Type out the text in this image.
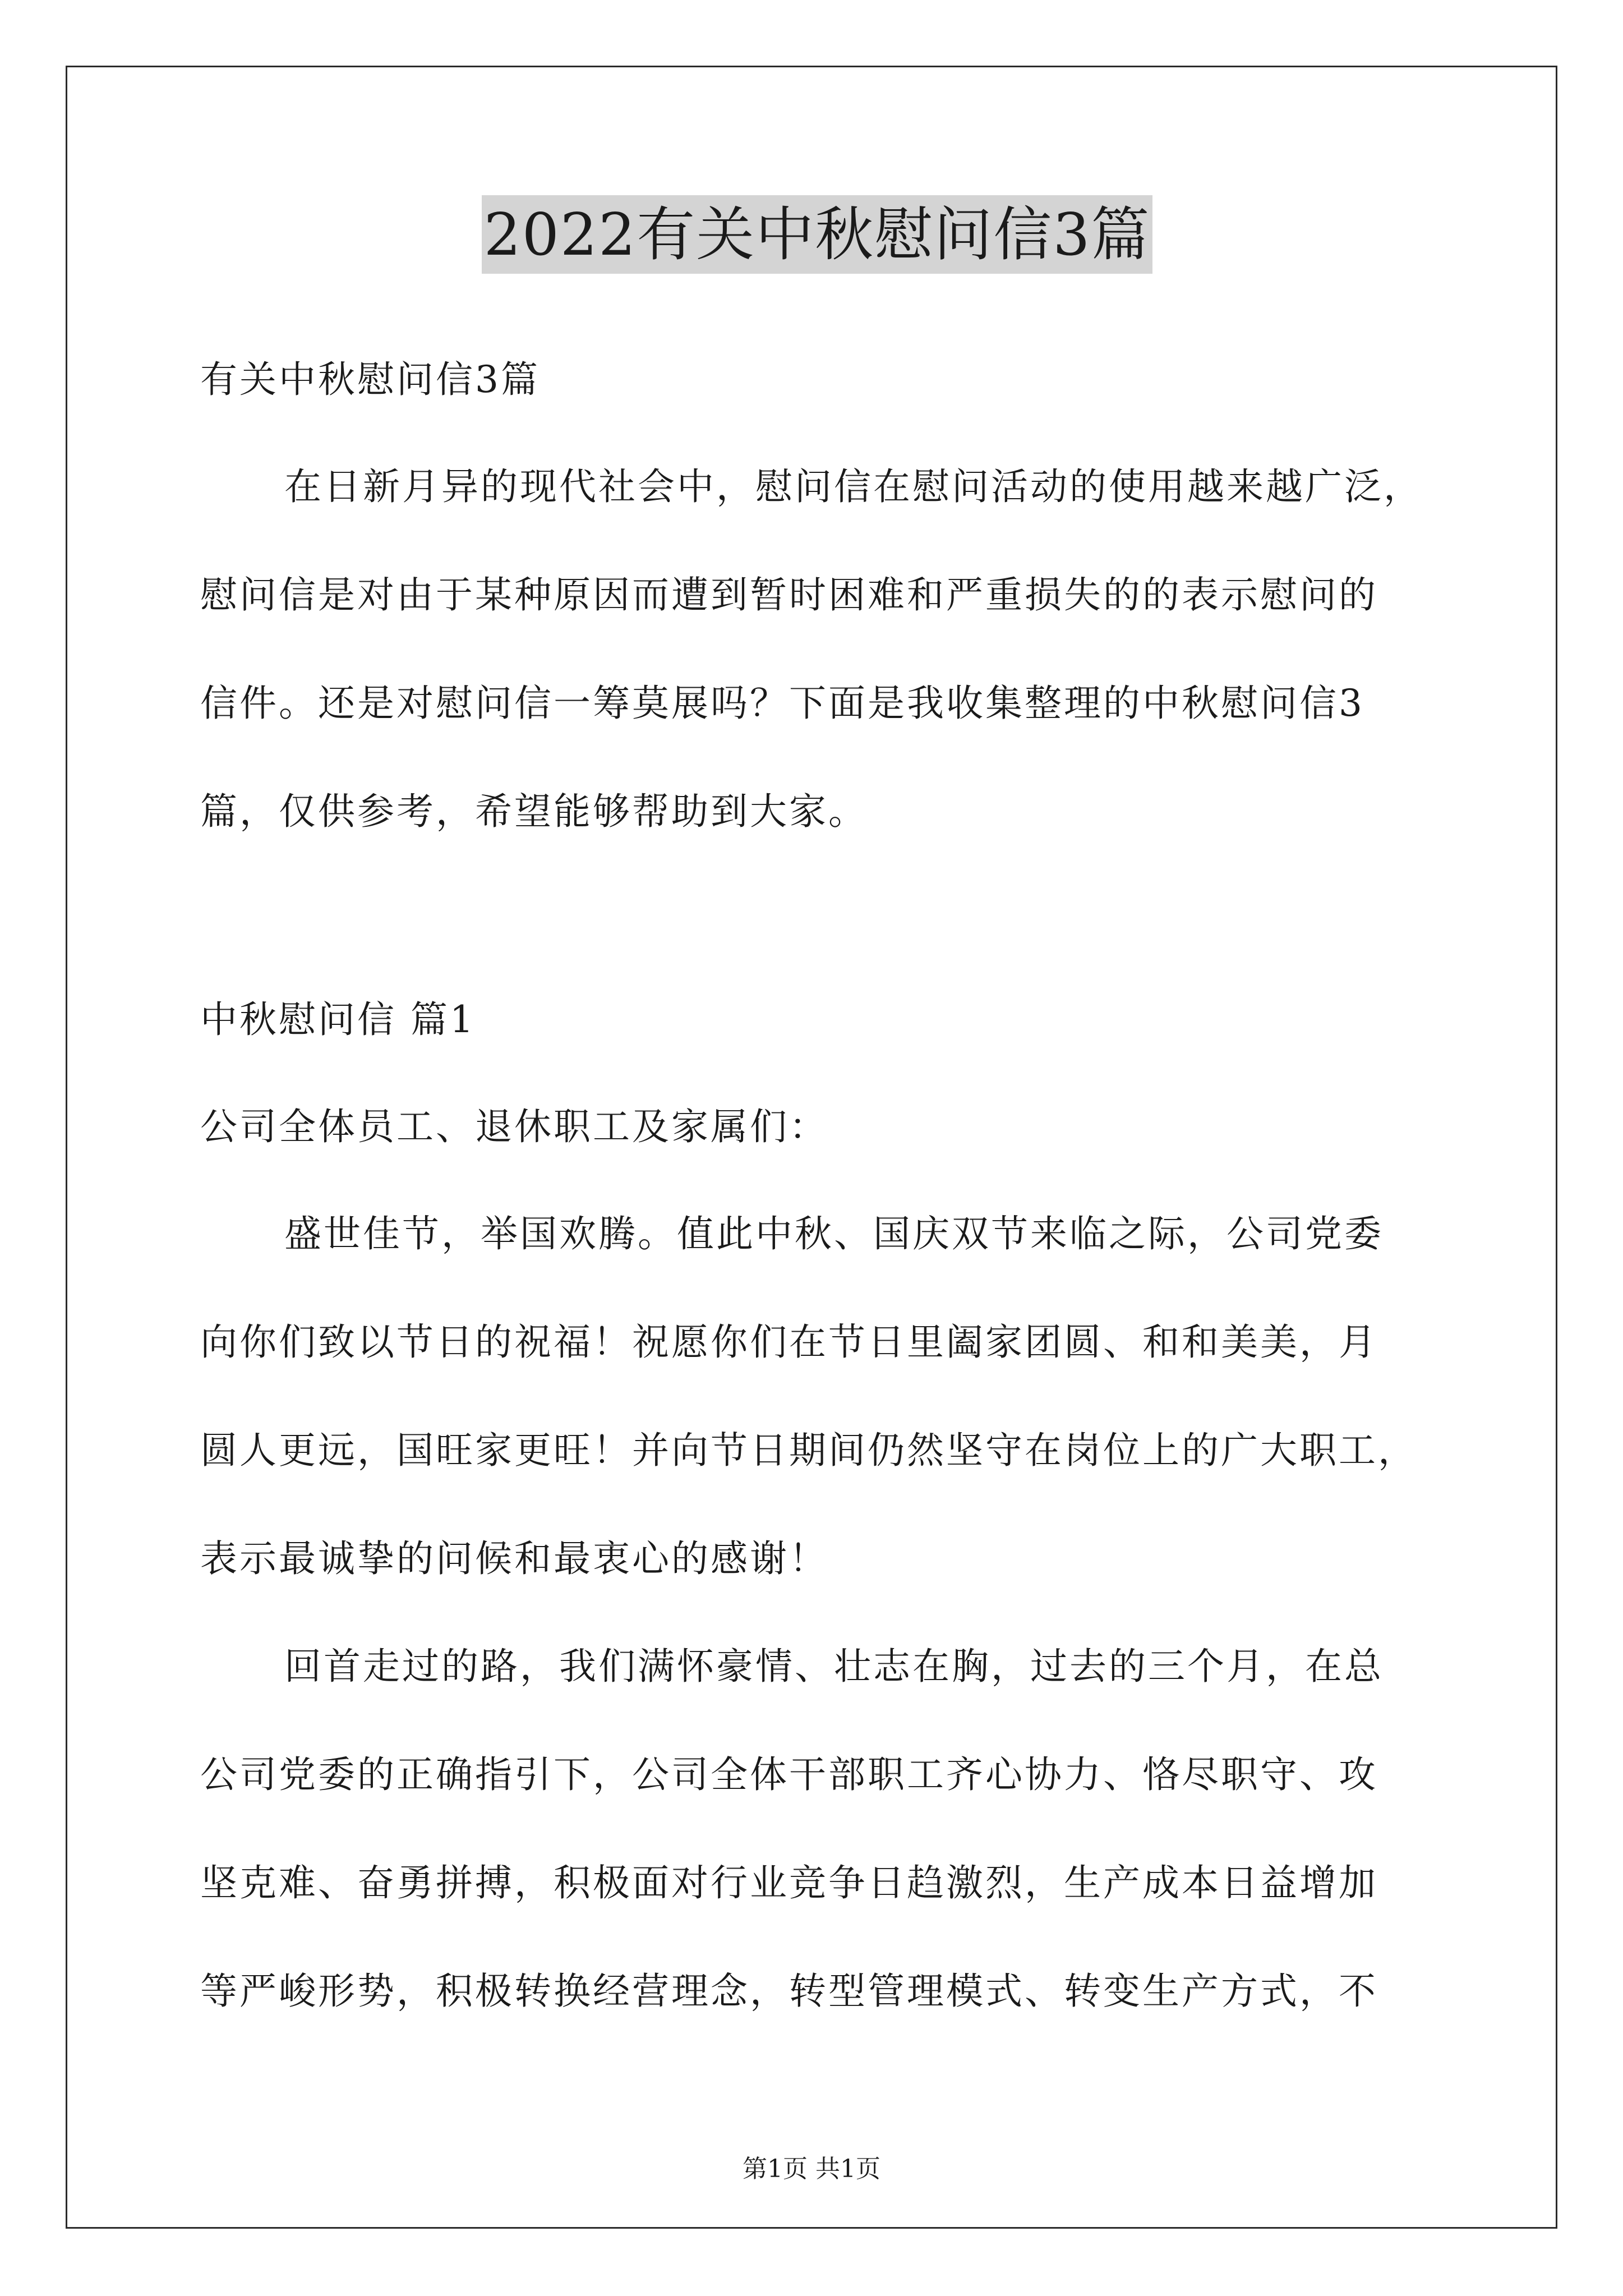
2022有关中秋慰问信3篇
有关中秋慰问信3篇
在日新月异的现代社会中，慰问信在慰问活动的使用越来越广泛，
慰问信是对由于某种原因而遭到暂时困难和严重损失的的表示慰问的
信件。还是对慰问信一筹莫展吗？下面是我收集整理的中秋慰问信3
篇，仅供参考，希望能够帮助到大家。
中秋慰问信 篇1
公司全体员工、退休职工及家属们：
盛世佳节，举国欢腾。值此中秋、国庆双节来临之际，公司党委
向你们致以节日的祝福！祝愿你们在节日里阖家团圆、和和美美，月
圆人更远，国旺家更旺！并向节日期间仍然坚守在岗位上的广大职工，
表示最诚挚的问候和最衷心的感谢！
回首走过的路，我们满怀豪情、壮志在胸，过去的三个月，在总
公司党委的正确指引下，公司全体干部职工齐心协力、恪尽职守、攻
坚克难、奋勇拼搏，积极面对行业竞争日趋激烈，生产成本日益增加
等严峻形势，积极转换经营理念，转型管理模式、转变生产方式，不
第1页 共1页
